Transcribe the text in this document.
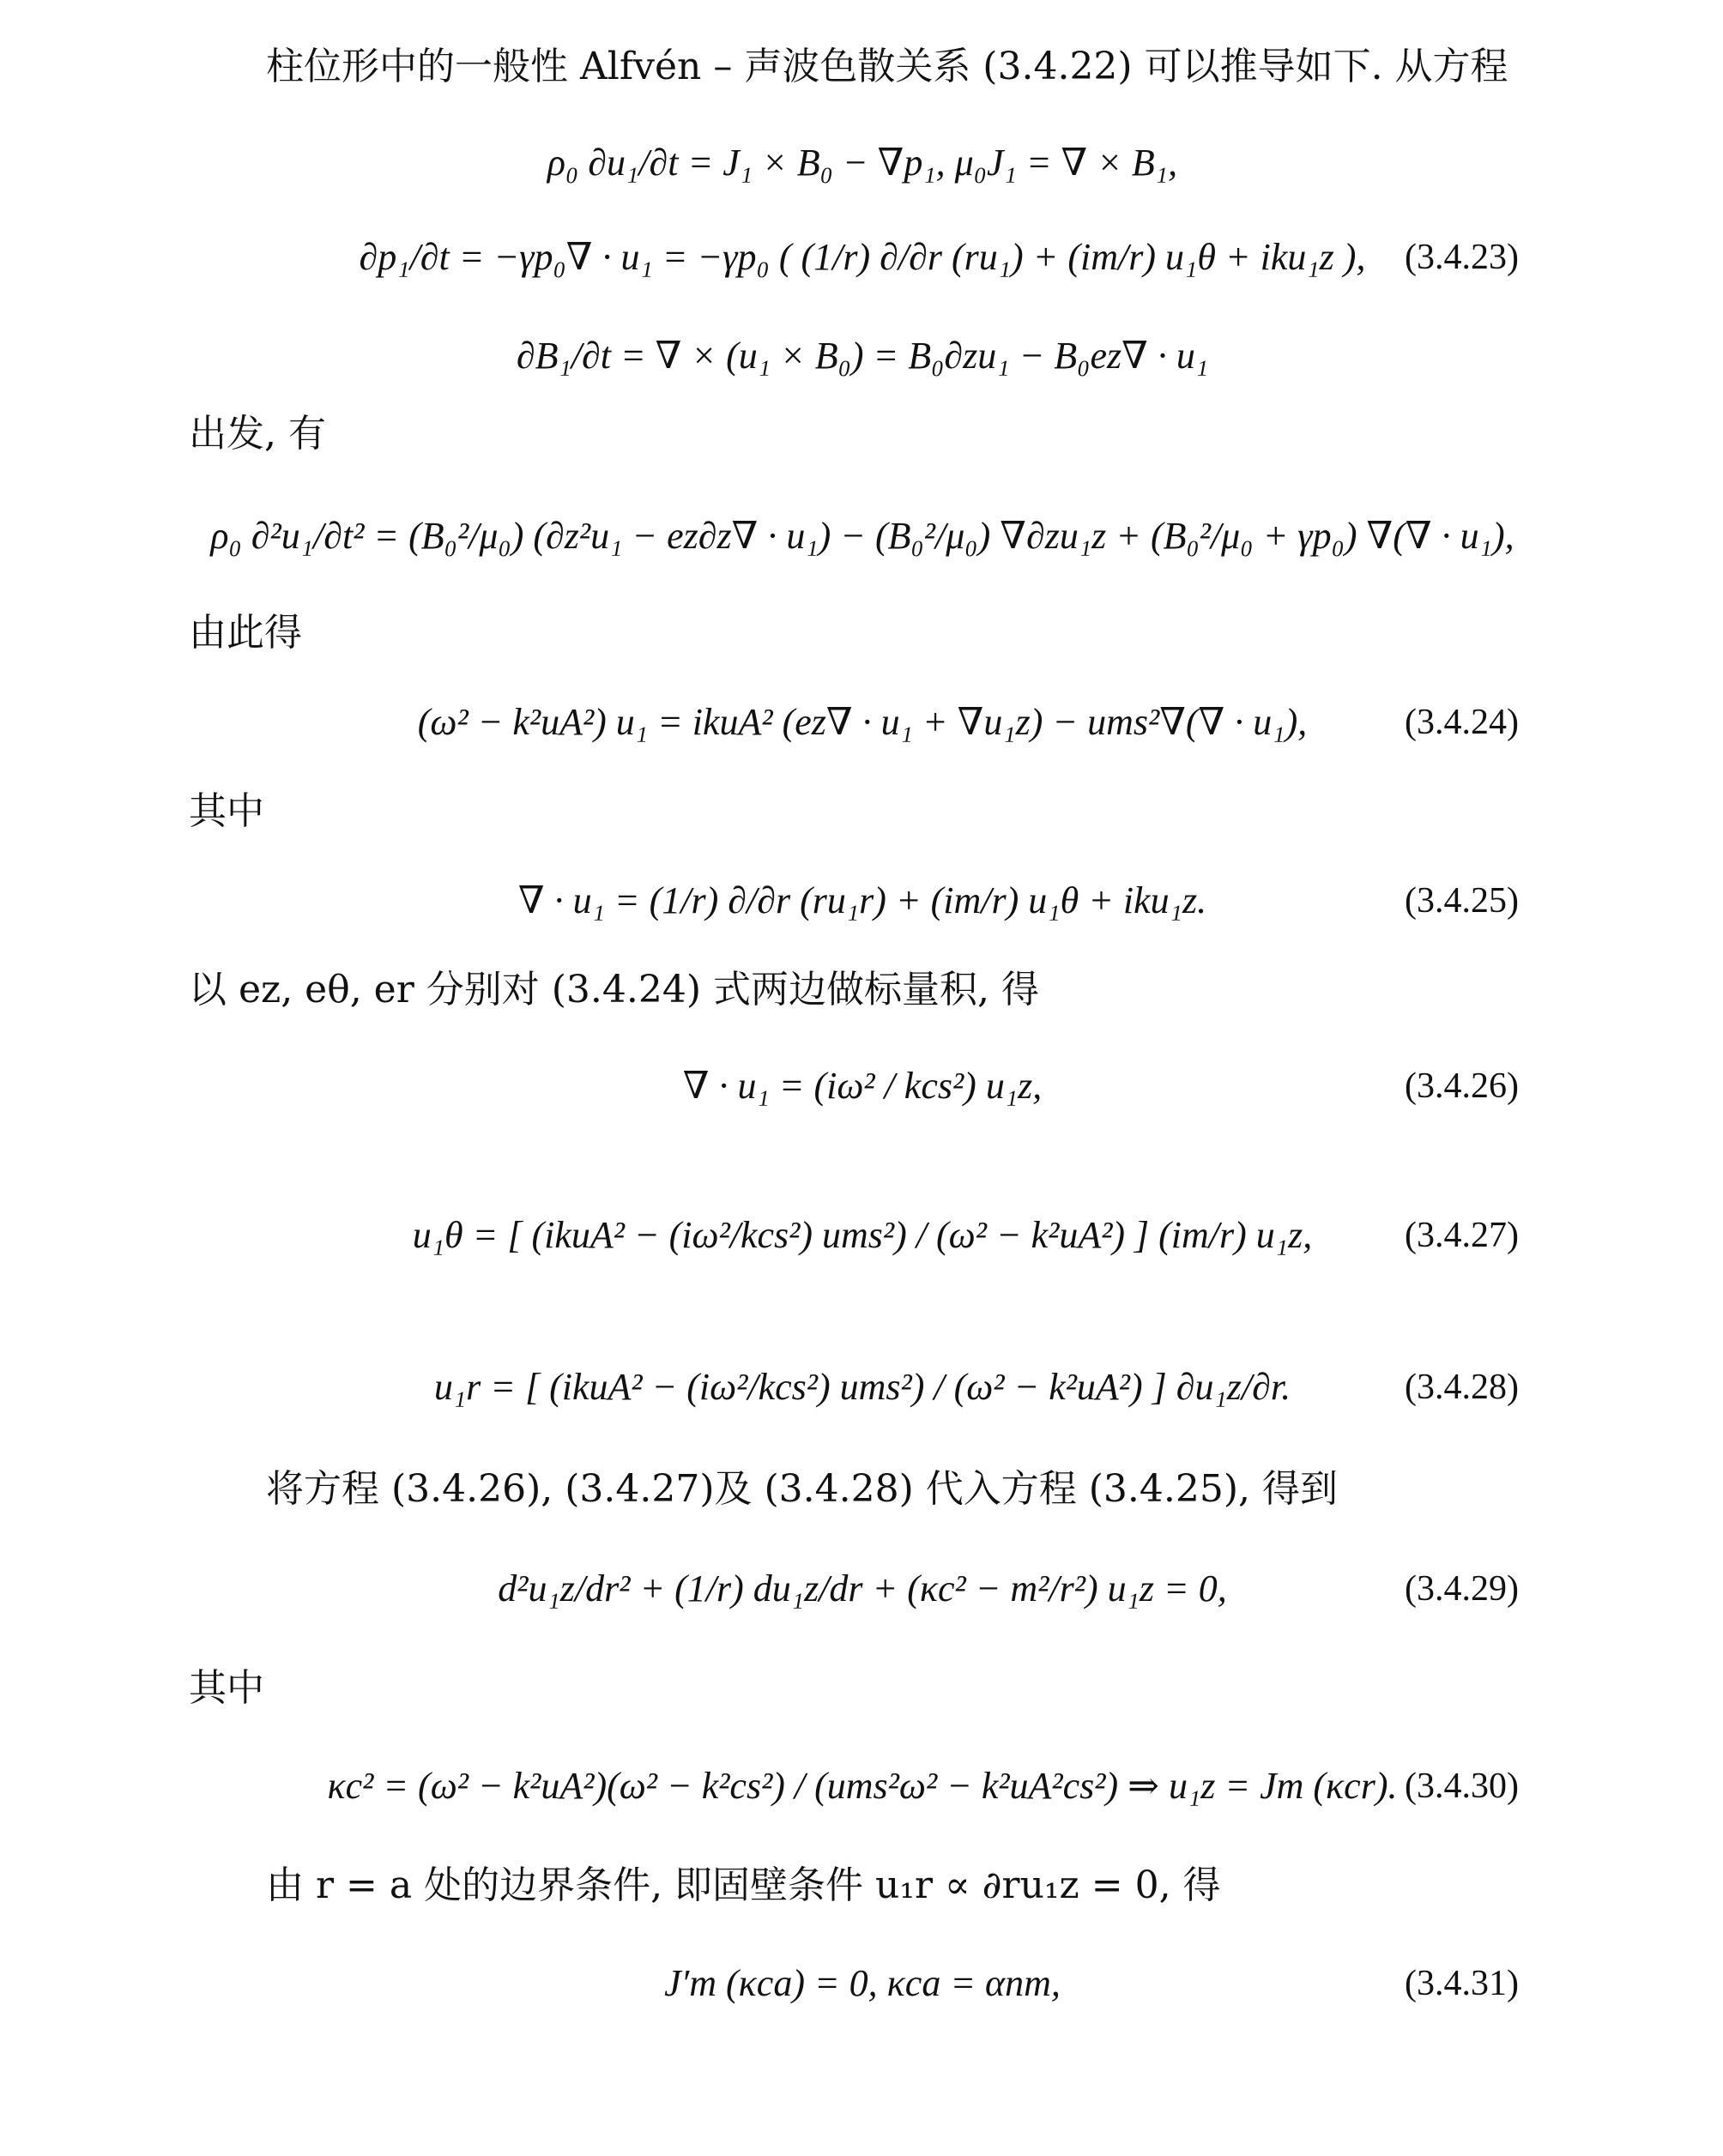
柱位形中的一般性 Alfvén – 声波色散关系 (3.4.22) 可以推导如下. 从方程
ρ₀ ∂u₁/∂t = J₁ × B₀ − ∇p₁, μ₀J₁ = ∇ × B₁,
∂p₁/∂t = −γp₀∇ · u₁ = −γp₀ ( (1/r) ∂/∂r (ru₁) + (im/r) u₁θ + iku₁z ),	(3.4.23)
∂B₁/∂t = ∇ × (u₁ × B₀) = B₀∂zu₁ − B₀ez∇ · u₁
出发, 有
ρ₀ ∂²u₁/∂t² = (B₀²/μ₀) (∂z²u₁ − ez∂z∇ · u₁) − (B₀²/μ₀) ∇∂zu₁z + (B₀²/μ₀ + γp₀) ∇(∇ · u₁),
由此得
(ω² − k²uA²) u₁ = ikuA² (ez∇ · u₁ + ∇u₁z) − ums²∇(∇ · u₁),	(3.4.24)
其中
∇ · u₁ = (1/r) ∂/∂r (ru₁r) + (im/r) u₁θ + iku₁z.	(3.4.25)
以 ez, eθ, er 分别对 (3.4.24) 式两边做标量积, 得
∇ · u₁ = (iω² / kcs²) u₁z,	(3.4.26)
u₁θ = [ (ikuA² − (iω²/kcs²) ums²) / (ω² − k²uA²) ] (im/r) u₁z,	(3.4.27)
u₁r = [ (ikuA² − (iω²/kcs²) ums²) / (ω² − k²uA²) ] ∂u₁z/∂r.	(3.4.28)
将方程 (3.4.26), (3.4.27)及 (3.4.28) 代入方程 (3.4.25), 得到
d²u₁z/dr² + (1/r) du₁z/dr + (κc² − m²/r²) u₁z = 0,	(3.4.29)
其中
κc² = (ω² − k²uA²)(ω² − k²cs²) / (ums²ω² − k²uA²cs²) ⇒ u₁z = Jm (κcr). (3.4.30)
由 r = a 处的边界条件, 即固壁条件 u₁r ∝ ∂ru₁z = 0, 得
J′m (κca) = 0, κca = αnm,	(3.4.31)
